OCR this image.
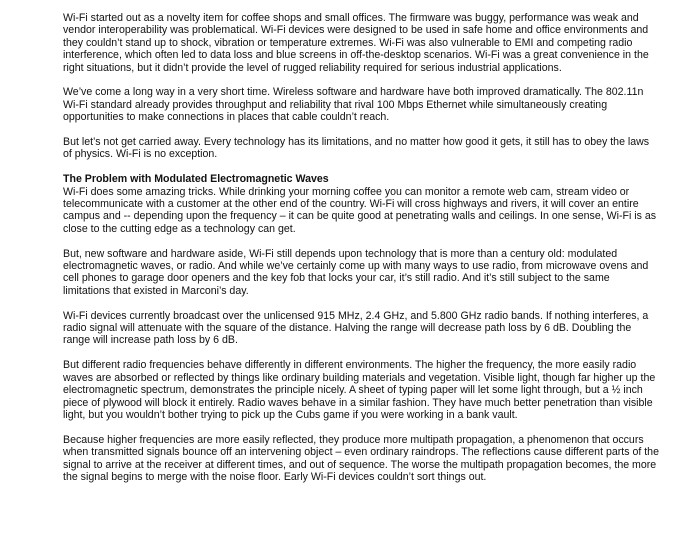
Wi-Fi started out as a novelty item for coffee shops and small offices. The firmware was buggy, performance was weak and vendor interoperability was problematical. Wi-Fi devices were designed to be used in safe home and office environments and they couldn’t stand up to shock, vibration or temperature extremes. Wi-Fi was also vulnerable to EMI and competing radio interference, which often led to data loss and blue screens in off-the-desktop scenarios. Wi-Fi was a great convenience in the right situations, but it didn’t provide the level of rugged reliability required for serious industrial applications.

We’ve come a long way in a very short time. Wireless software and hardware have both improved dramatically. The 802.11n Wi-Fi standard already provides throughput and reliability that rival 100 Mbps Ethernet while simultaneously creating opportunities to make connections in places that cable couldn’t reach.

But let’s not get carried away. Every technology has its limitations, and no matter how good it gets, it still has to obey the laws of physics. Wi-Fi is no exception.

The Problem with Modulated Electromagnetic Waves

Wi-Fi does some amazing tricks. While drinking your morning coffee you can monitor a remote web cam, stream video or telecommunicate with a customer at the other end of the country. Wi-Fi will cross highways and rivers, it will cover an entire campus and -- depending upon the frequency – it can be quite good at penetrating walls and ceilings. In one sense, Wi-Fi is as close to the cutting edge as a technology can get.

But, new software and hardware aside, Wi-Fi still depends upon technology that is more than a century old: modulated electromagnetic waves, or radio. And while we’ve certainly come up with many ways to use radio, from microwave ovens and cell phones to garage door openers and the key fob that locks your car, it’s still radio. And it’s still subject to the same limitations that existed in Marconi’s day.

Wi-Fi devices currently broadcast over the unlicensed 915 MHz, 2.4 GHz, and 5.800 GHz radio bands. If nothing interferes, a radio signal will attenuate with the square of the distance. Halving the range will decrease path loss by 6 dB. Doubling the range will increase path loss by 6 dB.

But different radio frequencies behave differently in different environments. The higher the frequency, the more easily radio waves are absorbed or reflected by things like ordinary building materials and vegetation. Visible light, though far higher up the electromagnetic spectrum, demonstrates the principle nicely. A sheet of typing paper will let some light through, but a ½ inch piece of plywood will block it entirely. Radio waves behave in a similar fashion. They have much better penetration than visible light, but you wouldn’t bother trying to pick up the Cubs game if you were working in a bank vault.

Because higher frequencies are more easily reflected, they produce more multipath propagation, a phenomenon that occurs when transmitted signals bounce off an intervening object – even ordinary raindrops. The reflections cause different parts of the signal to arrive at the receiver at different times, and out of sequence. The worse the multipath propagation becomes, the more the signal begins to merge with the noise floor. Early Wi-Fi devices couldn’t sort things out.
